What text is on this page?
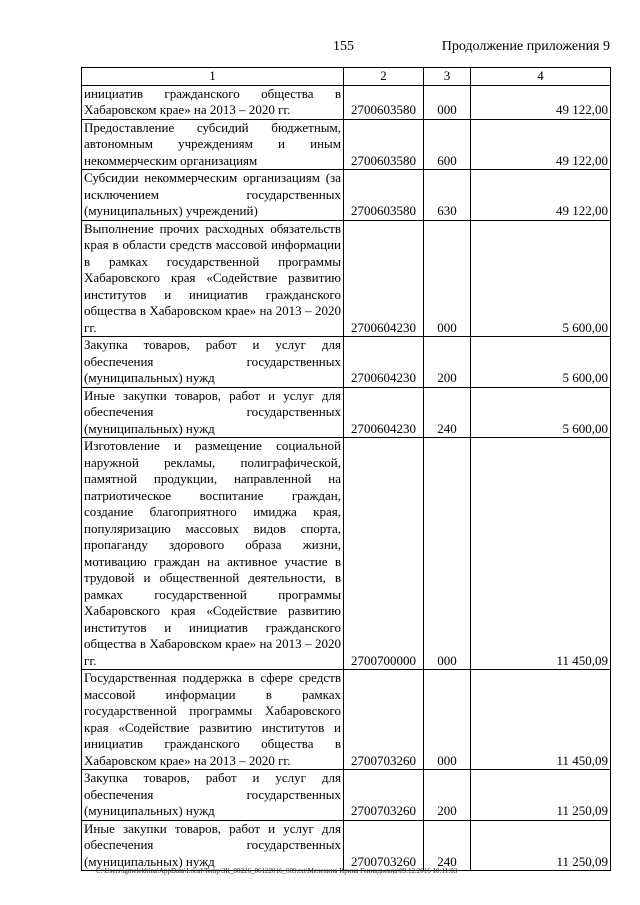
155	Продолжение приложения 9
1	2	3	4
инициатив гражданского общества в Хабаровском крае» на 2013 – 2020 гг.	2700603580	000	49 122,00
Предоставление субсидий бюджетным, автономным учреждениям и иным некоммерческим организациям	2700603580	600	49 122,00
Субсидии некоммерческим организациям (за исключением государственных (муниципальных) учреждений)	2700603580	630	49 122,00
Выполнение прочих расходных обязательств края в области средств массовой информации в рамках государственной программы Хабаровского края «Содействие развитию институтов и инициатив гражданского общества в Хабаровском крае» на 2013 – 2020 гг.	2700604230	000	5 600,00
Закупка товаров, работ и услуг для обеспечения государственных (муниципальных) нужд	2700604230	200	5 600,00
Иные закупки товаров, работ и услуг для обеспечения государственных (муниципальных) нужд	2700604230	240	5 600,00
Изготовление и размещение социальной наружной рекламы, полиграфической, памятной продукции, направленной на патриотическое воспитание граждан, создание благоприятного имиджа края, популяризацию массовых видов спорта, пропаганду здорового образа жизни, мотивацию граждан на активное участие в трудовой и общественной деятельности, в рамках государственной программы Хабаровского края «Содействие развитию институтов и инициатив гражданского общества в Хабаровском крае» на 2013 – 2020 гг.	2700700000	000	11 450,09
Государственная поддержка в сфере средств массовой информации в рамках государственной программы Хабаровского края «Содействие развитию институтов и инициатив гражданского общества в Хабаровском крае» на 2013 – 2020 гг.	2700703260	000	11 450,09
Закупка товаров, работ и услуг для обеспечения государственных (муниципальных) нужд	2700703260	200	11 250,09
Иные закупки товаров, работ и услуг для обеспечения государственных (муниципальных) нужд	2700703260	240	11 250,09
C:\Users\igmelekhina\AppData\Local\Temp\ЗК_00226_06122016_009.txt\Мелехина Ирина Геннадьевна\09.12.2016 10:11:03
